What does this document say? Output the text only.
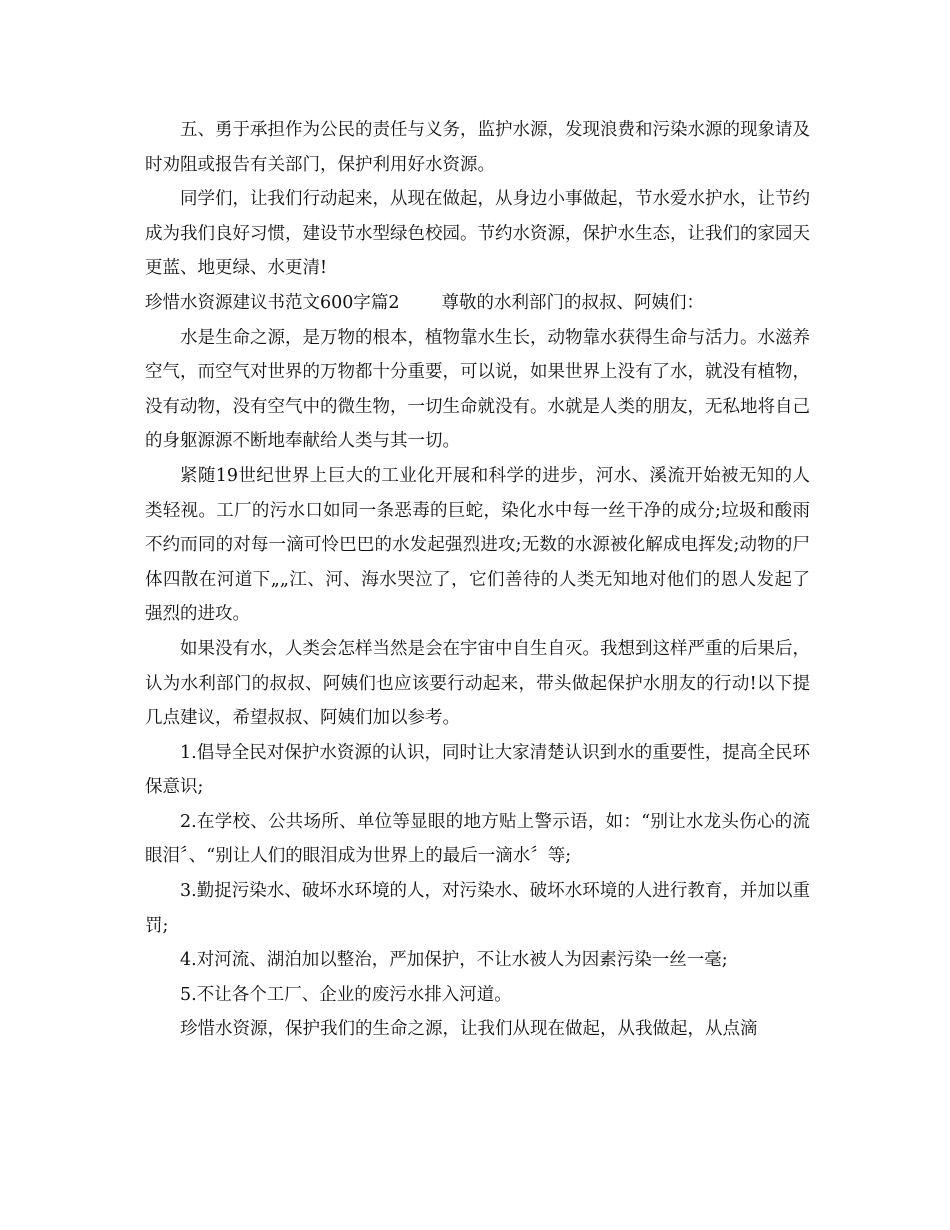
五、勇于承担作为公民的责任与义务，监护水源，发现浪费和污染水源的现象请及时劝阻或报告有关部门，保护利用好水资源。

同学们，让我们行动起来，从现在做起，从身边小事做起，节水爱水护水，让节约成为我们良好习惯，建设节水型绿色校园。节约水资源，保护水生态，让我们的家园天更蓝、地更绿、水更清!

珍惜水资源建议书范文600字篇2 尊敬的水利部门的叔叔、阿姨们：

水是生命之源，是万物的根本，植物靠水生长，动物靠水获得生命与活力。水滋养空气，而空气对世界的万物都十分重要，可以说，如果世界上没有了水，就没有植物，没有动物，没有空气中的微生物，一切生命就没有。水就是人类的朋友，无私地将自己的身躯源源不断地奉献给人类与其一切。

紧随19世纪世界上巨大的工业化开展和科学的进步，河水、溪流开始被无知的人类轻视。工厂的污水口如同一条恶毒的巨蛇，染化水中每一丝干净的成分;垃圾和酸雨不约而同的对每一滴可怜巴巴的水发起强烈进攻;无数的水源被化解成电挥发;动物的尸体四散在河道下„„江、河、海水哭泣了，它们善待的人类无知地对他们的恩人发起了强烈的进攻。

如果没有水，人类会怎样当然是会在宇宙中自生自灭。我想到这样严重的后果后，认为水利部门的叔叔、阿姨们也应该要行动起来，带头做起保护水朋友的行动!以下提几点建议，希望叔叔、阿姨们加以参考。

1.倡导全民对保护水资源的认识，同时让大家清楚认识到水的重要性，提高全民环保意识;

2.在学校、公共场所、单位等显眼的地方贴上警示语，如：“别让水龙头伤心的流眼泪〞、“别让人们的眼泪成为世界上的最后一滴水〞等;

3.勤捉污染水、破坏水环境的人，对污染水、破坏水环境的人进行教育，并加以重罚;

4.对河流、湖泊加以整治，严加保护，不让水被人为因素污染一丝一毫;

5.不让各个工厂、企业的废污水排入河道。

珍惜水资源，保护我们的生命之源，让我们从现在做起，从我做起，从点滴
